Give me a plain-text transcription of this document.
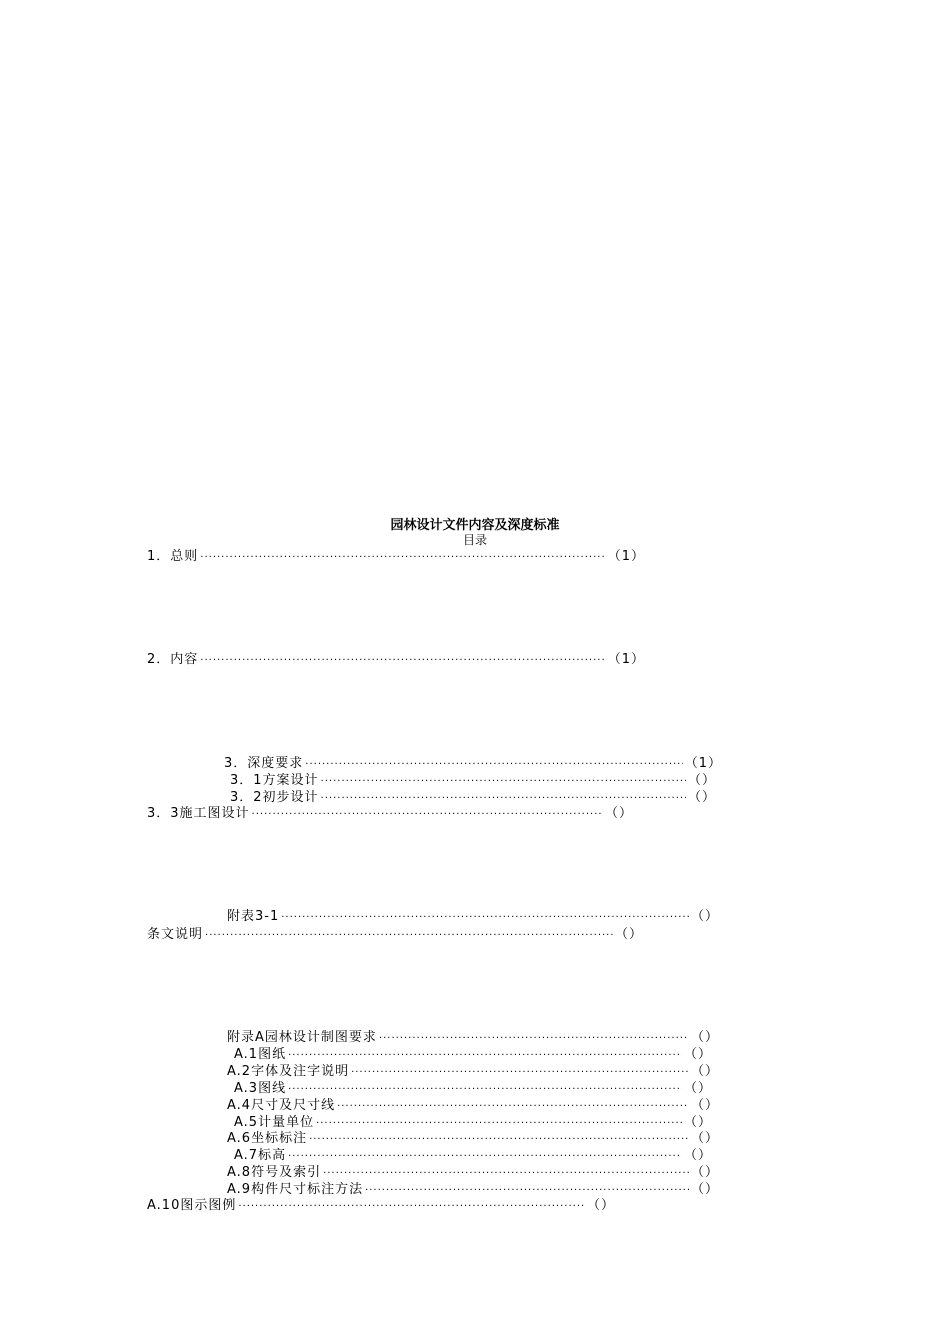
园林设计文件内容及深度标准
目录
1．总则 ·····	（1）
2．内容 ·····	（1）
3．深度要求 ·····	（1）
3．1方案设计 ·····	（）
3．2初步设计 ·····	（）
3．3施工图设计 ·····	（）
附表3-1 ·····	（）
条文说明 ·····	（）
附录A园林设计制图要求 ·····	（）
A.1图纸 ·····	（）
A.2字体及注字说明 ·····	（）
A.3图线 ·····	（）
A.4尺寸及尺寸线 ·····	（）
A.5计量单位 ·····	（）
A.6坐标标注 ·····	（）
A.7标高 ·····	（）
A.8符号及索引 ·····	（）
A.9构件尺寸标注方法 ·····	（）
A.10图示图例 ·····	（）
